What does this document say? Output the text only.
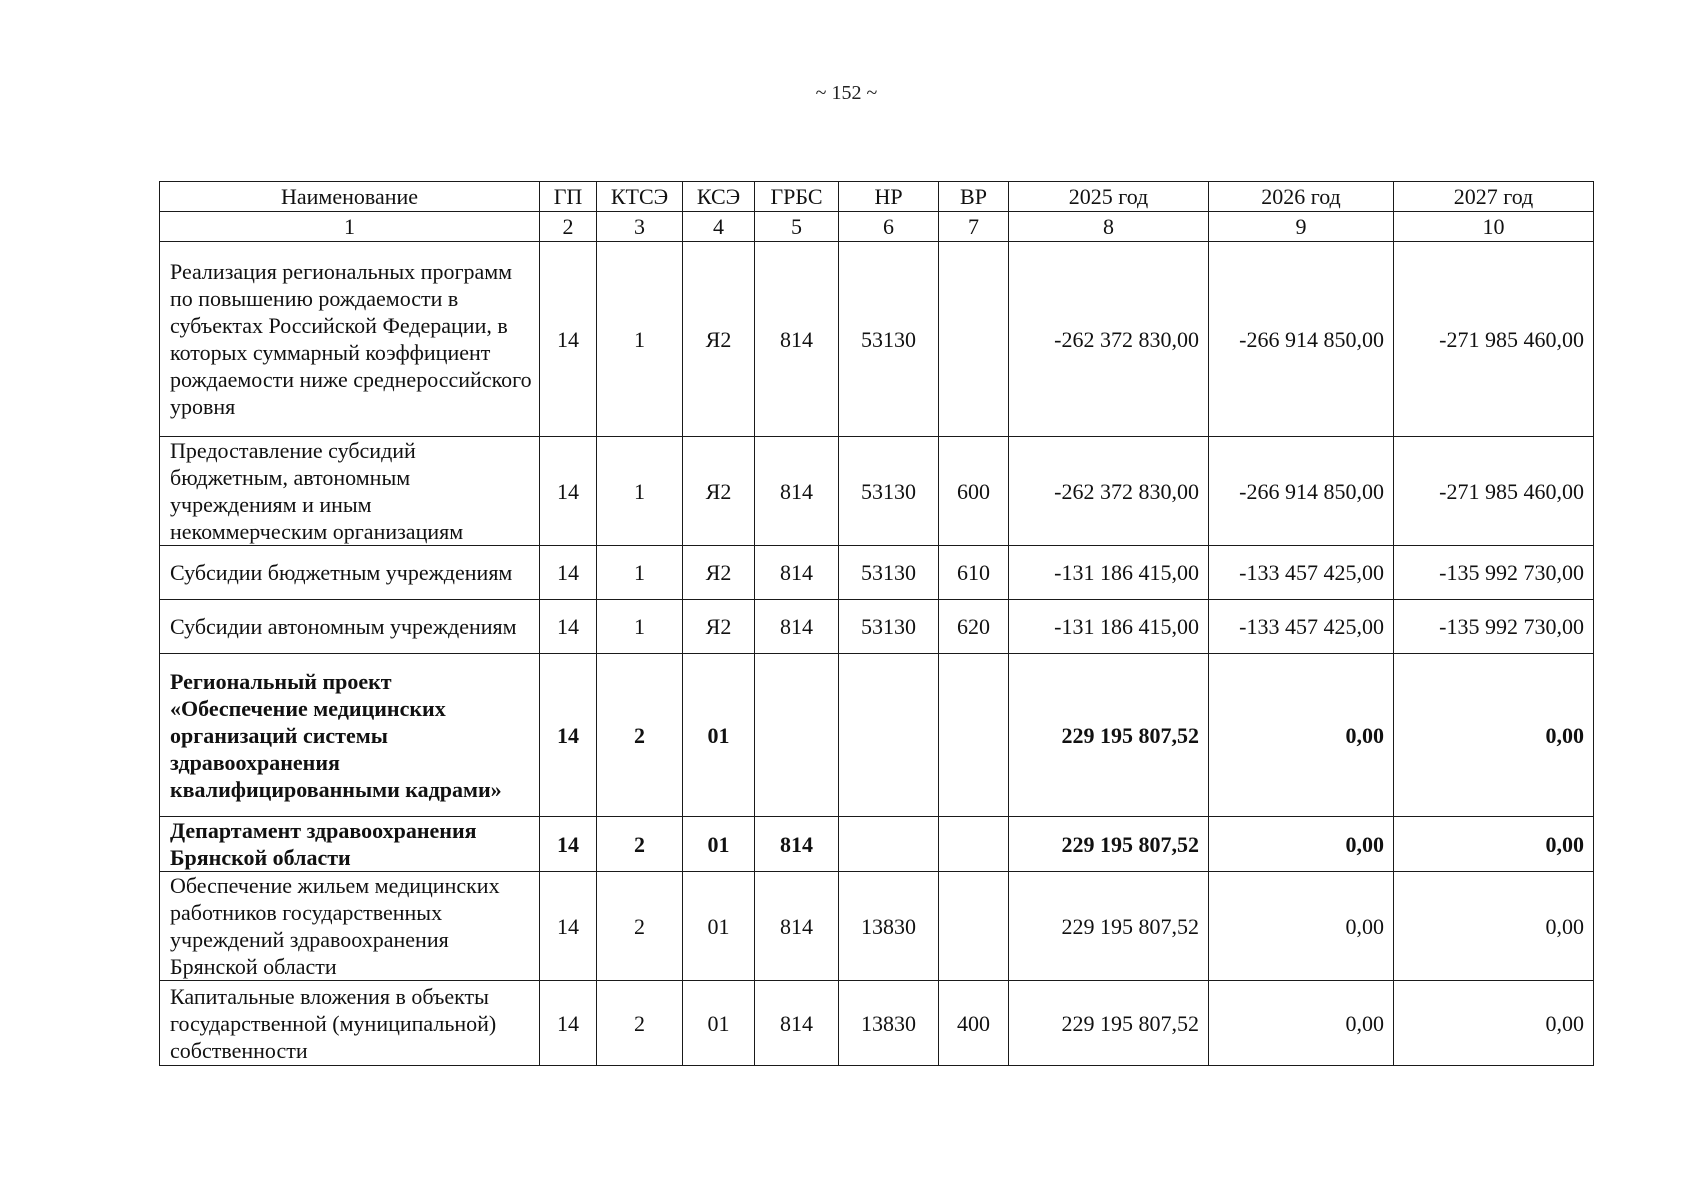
~ 152 ~
Наименование	ГП	КТСЭ	КСЭ	ГРБС	НР	ВР	2025 год	2026 год	2027 год
1	2	3	4	5	6	7	8	9	10
Реализация региональных программ по повышению рождаемости в субъектах Российской Федерации, в которых суммарный коэффициент рождаемости ниже среднероссийского уровня	14	1	Я2	814	53130		-262 372 830,00	-266 914 850,00	-271 985 460,00
Предоставление субсидий бюджетным, автономным учреждениям и иным некоммерческим организациям	14	1	Я2	814	53130	600	-262 372 830,00	-266 914 850,00	-271 985 460,00
Субсидии бюджетным учреждениям	14	1	Я2	814	53130	610	-131 186 415,00	-133 457 425,00	-135 992 730,00
Субсидии автономным учреждениям	14	1	Я2	814	53130	620	-131 186 415,00	-133 457 425,00	-135 992 730,00
Региональный проект «Обеспечение медицинских организаций системы здравоохранения квалифицированными кадрами»	14	2	01				229 195 807,52	0,00	0,00
Департамент здравоохранения Брянской области	14	2	01	814			229 195 807,52	0,00	0,00
Обеспечение жильем медицинских работников государственных учреждений здравоохранения Брянской области	14	2	01	814	13830		229 195 807,52	0,00	0,00
Капитальные вложения в объекты государственной (муниципальной) собственности	14	2	01	814	13830	400	229 195 807,52	0,00	0,00
